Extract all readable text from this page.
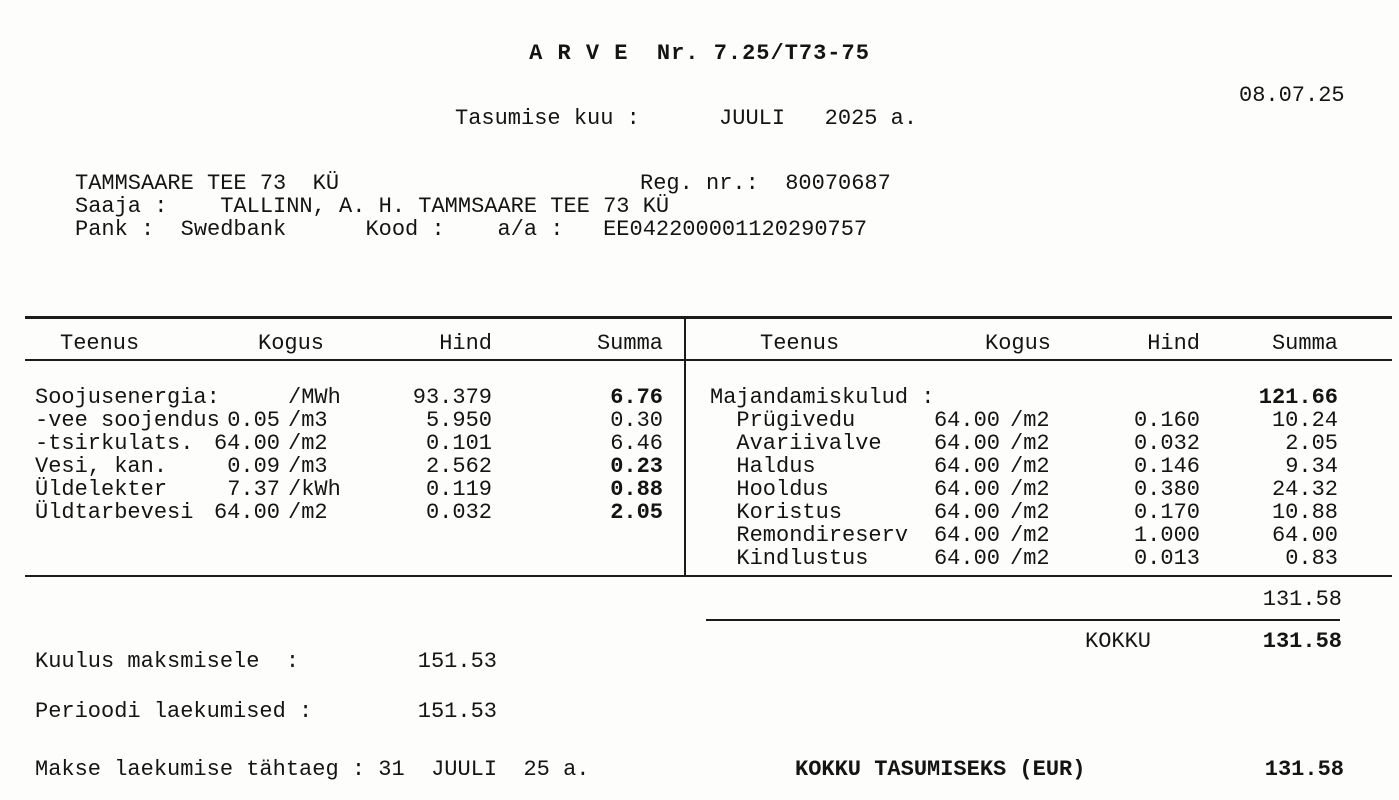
A R V E  Nr. 7.25/T73-75
08.07.25
Tasumise kuu :      JUULI   2025 a.
TAMMSAARE TEE 73  KÜ	Reg. nr.:  80070687
Saaja :    TALLINN, A. H. TAMMSAARE TEE 73 KÜ
Pank :  Swedbank      Kood :    a/a :   EE042200001120290757
Teenus	Kogus	Hind	Summa	Teenus	Kogus	Hind	Summa
Soojusenergia:	/MWh	93.379	6.76
-vee soojendus 0.05 /m3	5.950	0.30
-tsirkulats. 64.00 /m2	0.101	6.46
Vesi, kan.	0.09 /m3	2.562	0.23
Üldelekter	7.37 /kWh	0.119	0.88
Üldtarbevesi 64.00 /m2	0.032	2.05
Majandamiskulud :	121.66
Prügivedu	64.00 /m2	0.160	10.24
Avariivalve	64.00 /m2	0.032	2.05
Haldus	64.00 /m2	0.146	9.34
Hooldus	64.00 /m2	0.380	24.32
Koristus	64.00 /m2	0.170	10.88
Remondireserv	64.00 /m2	1.000	64.00
Kindlustus	64.00 /m2	0.013	0.83
131.58
KOKKU	131.58
Kuulus maksmisele  :	151.53
Perioodi laekumised :	151.53
Makse laekumise tähtaeg : 31  JUULI  25 a.	KOKKU TASUMISEKS (EUR)	131.58
